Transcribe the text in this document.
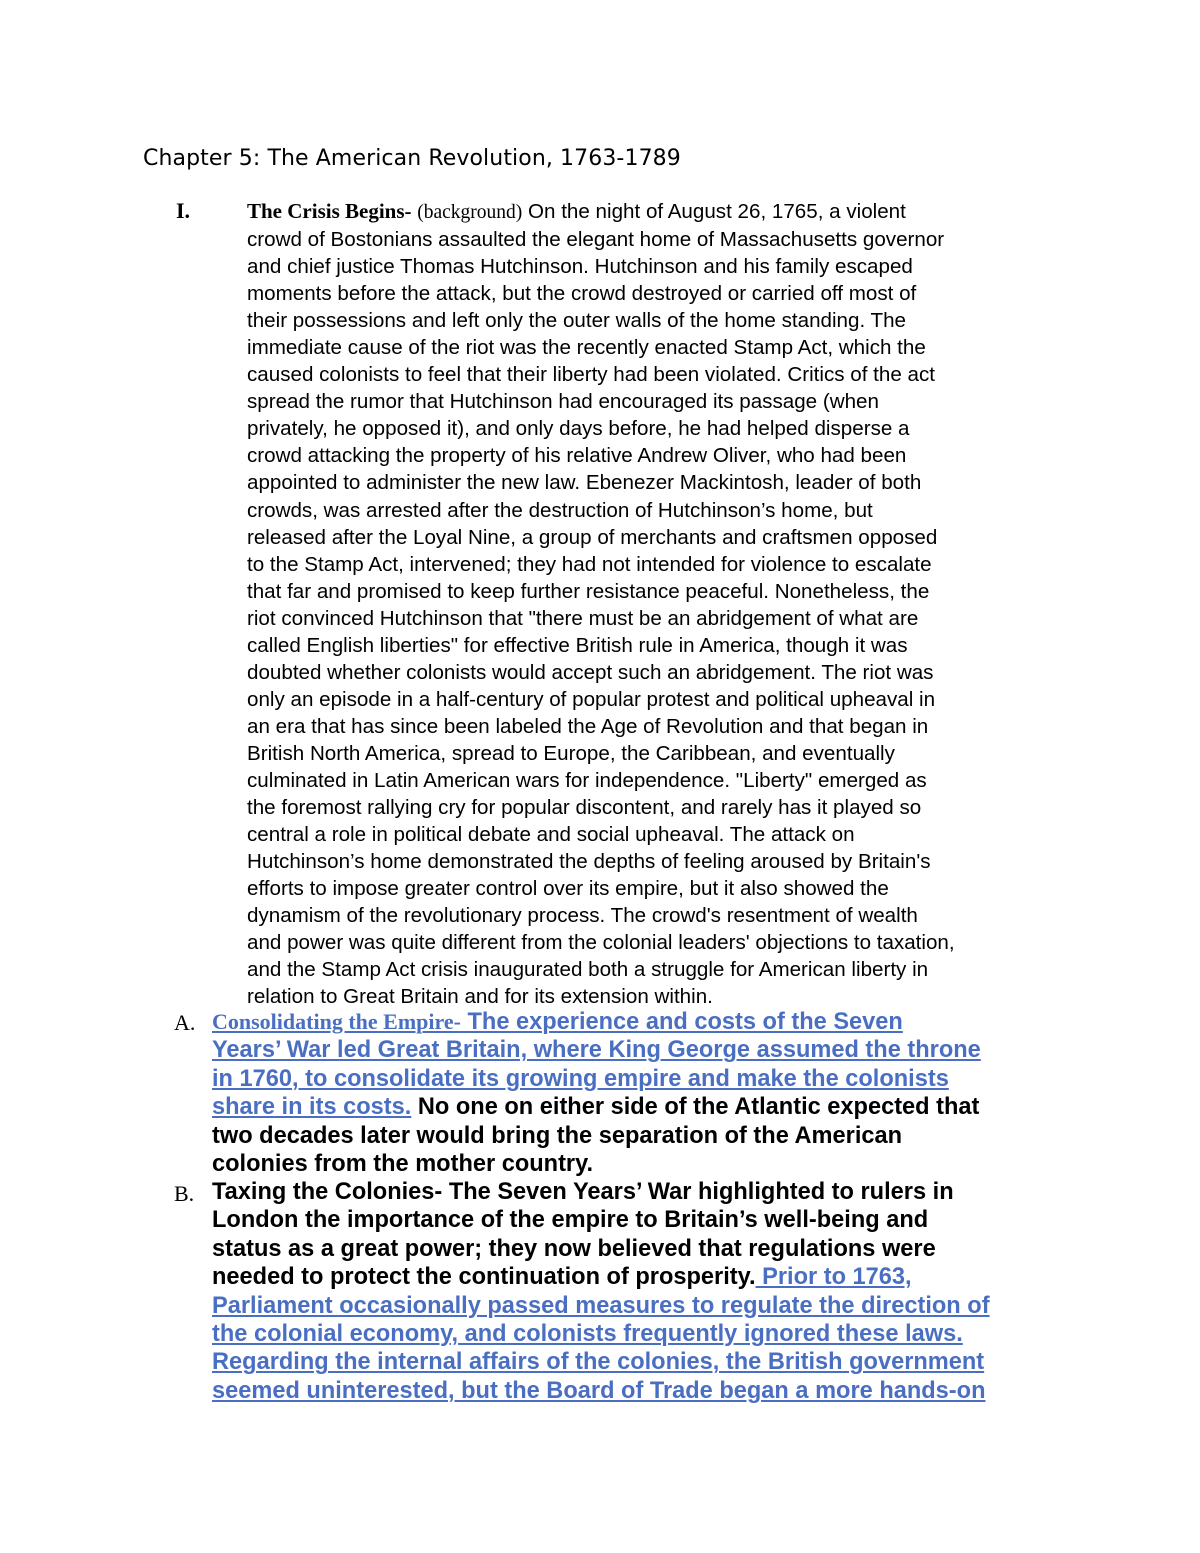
Chapter 5: The American Revolution, 1763-1789
I.	The Crisis Begins- (background) On the night of August 26, 1765, a violent
crowd of Bostonians assaulted the elegant home of Massachusetts governor
and chief justice Thomas Hutchinson. Hutchinson and his family escaped
moments before the attack, but the crowd destroyed or carried off most of
their possessions and left only the outer walls of the home standing. The
immediate cause of the riot was the recently enacted Stamp Act, which the
caused colonists to feel that their liberty had been violated. Critics of the act
spread the rumor that Hutchinson had encouraged its passage (when
privately, he opposed it), and only days before, he had helped disperse a
crowd attacking the property of his relative Andrew Oliver, who had been
appointed to administer the new law. Ebenezer Mackintosh, leader of both
crowds, was arrested after the destruction of Hutchinson’s home, but
released after the Loyal Nine, a group of merchants and craftsmen opposed
to the Stamp Act, intervened; they had not intended for violence to escalate
that far and promised to keep further resistance peaceful. Nonetheless, the
riot convinced Hutchinson that "there must be an abridgement of what are
called English liberties" for effective British rule in America, though it was
doubted whether colonists would accept such an abridgement. The riot was
only an episode in a half-century of popular protest and political upheaval in
an era that has since been labeled the Age of Revolution and that began in
British North America, spread to Europe, the Caribbean, and eventually
culminated in Latin American wars for independence. "Liberty" emerged as
the foremost rallying cry for popular discontent, and rarely has it played so
central a role in political debate and social upheaval. The attack on
Hutchinson’s home demonstrated the depths of feeling aroused by Britain's
efforts to impose greater control over its empire, but it also showed the
dynamism of the revolutionary process. The crowd's resentment of wealth
and power was quite different from the colonial leaders' objections to taxation,
and the Stamp Act crisis inaugurated both a struggle for American liberty in
relation to Great Britain and for its extension within.
A. Consolidating the Empire- The experience and costs of the Seven
Years’ War led Great Britain, where King George assumed the throne
in 1760, to consolidate its growing empire and make the colonists
share in its costs. No one on either side of the Atlantic expected that
two decades later would bring the separation of the American
colonies from the mother country.
B. Taxing the Colonies- The Seven Years’ War highlighted to rulers in
London the importance of the empire to Britain’s well-being and
status as a great power; they now believed that regulations were
needed to protect the continuation of prosperity. Prior to 1763,
Parliament occasionally passed measures to regulate the direction of
the colonial economy, and colonists frequently ignored these laws.
Regarding the internal affairs of the colonies, the British government
seemed uninterested, but the Board of Trade began a more hands-on
